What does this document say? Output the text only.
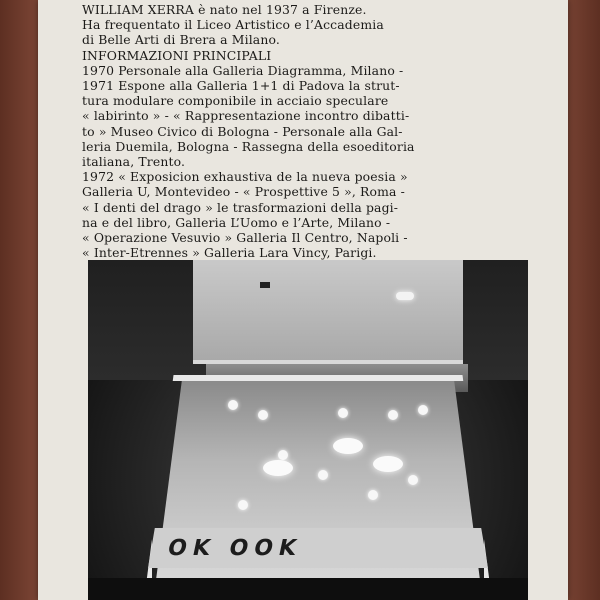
WILLIAM XERRA è nato nel 1937 a Firenze.
Ha frequentato il Liceo Artistico e l’Accademia
di Belle Arti di Brera a Milano.
INFORMAZIONI PRINCIPALI
1970 Personale alla Galleria Diagramma, Milano -
1971 Espone alla Galleria 1+1 di Padova la strut-
tura modulare componibile in acciaio speculare
« labirinto » - « Rappresentazione incontro dibatti-
to » Museo Civico di Bologna - Personale alla Gal-
leria Duemila, Bologna - Rassegna della esoeditoria
italiana, Trento.
1972 « Exposicion exhaustiva de la nueva poesia »
Galleria U, Montevideo - « Prospettive 5 », Roma -
« I denti del drago » le trasformazioni della pagi-
na e del libro, Galleria L’Uomo e l’Arte, Milano -
« Operazione Vesuvio » Galleria Il Centro, Napoli -
« Inter-Etrennes » Galleria Lara Vincy, Parigi.
OK OOK
